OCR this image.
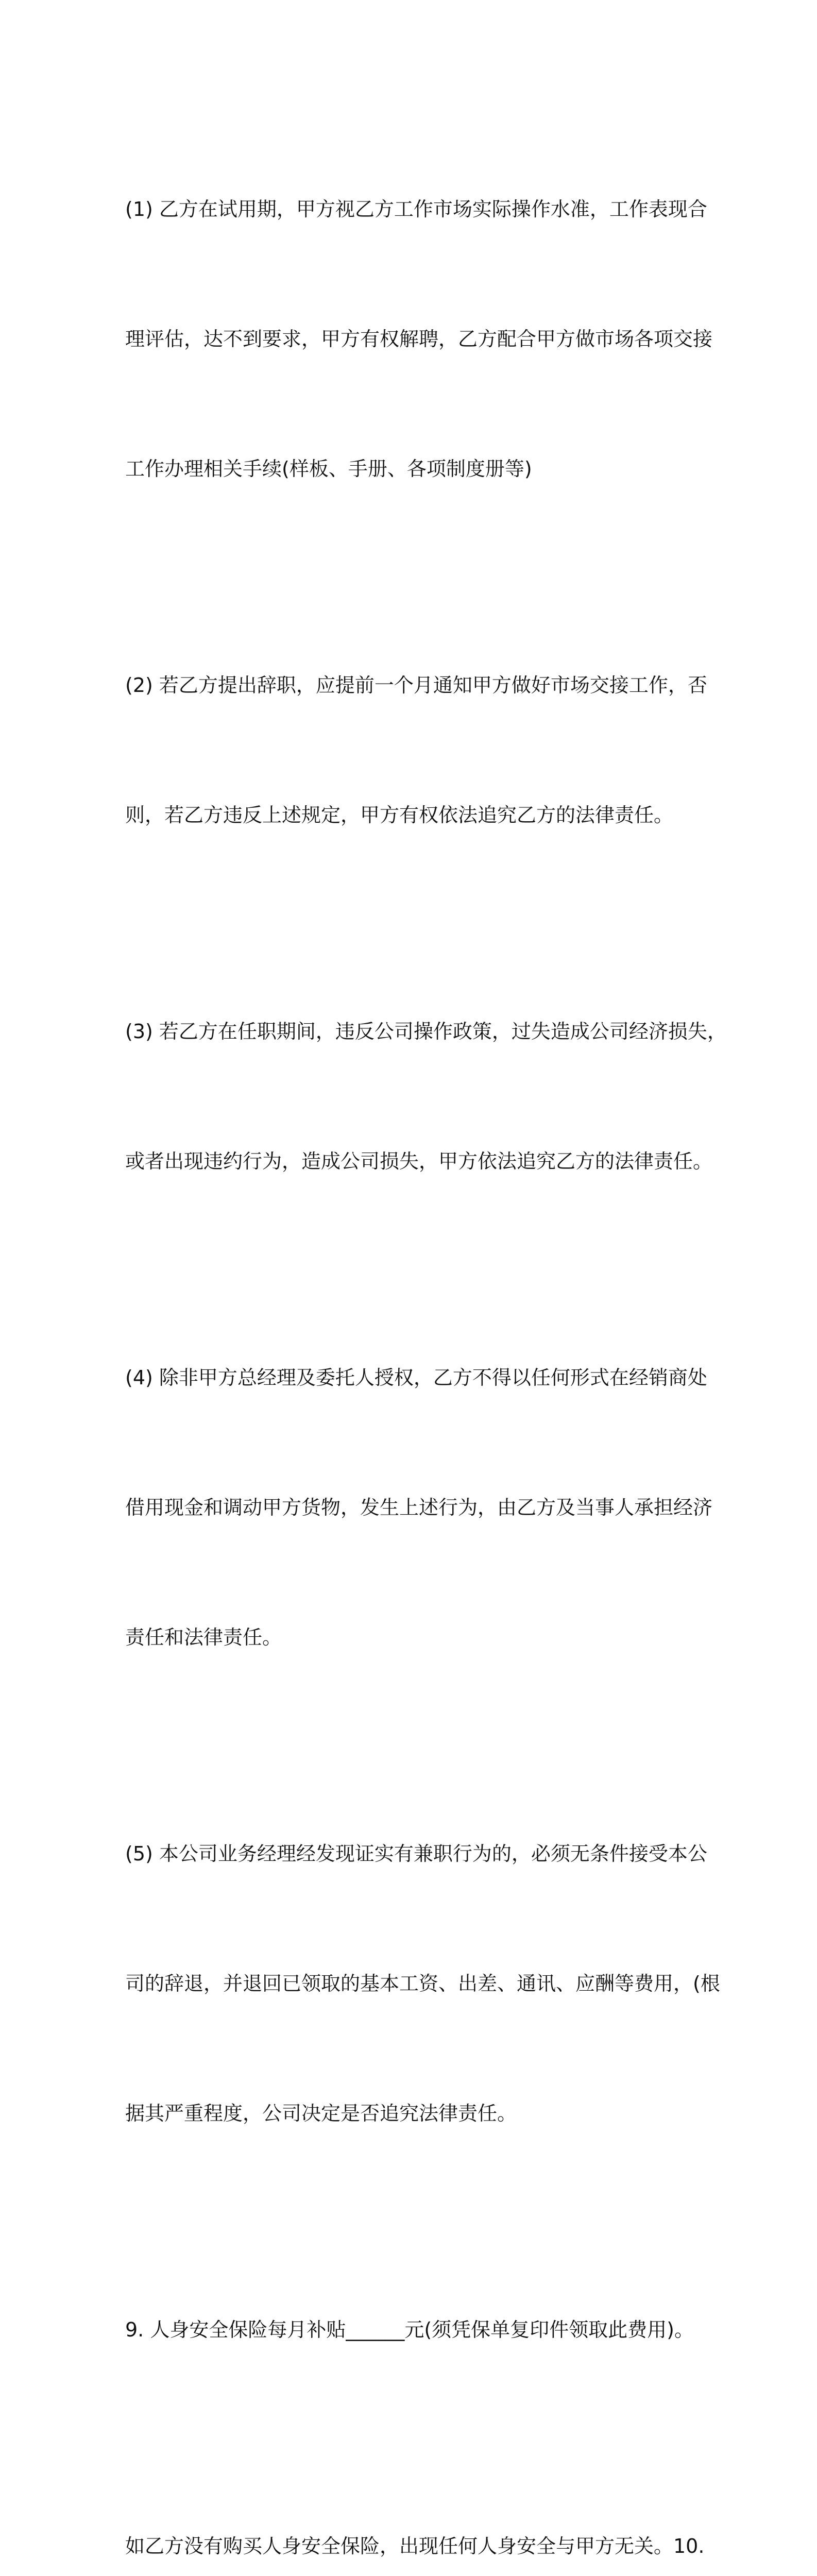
(1) 乙方在试用期，甲方视乙方工作市场实际操作水准，工作表现合

理评估，达不到要求，甲方有权解聘，乙方配合甲方做市场各项交接

工作办理相关手续(样板、手册、各项制度册等)

(2) 若乙方提出辞职，应提前一个月通知甲方做好市场交接工作，否

则，若乙方违反上述规定，甲方有权依法追究乙方的法律责任。

(3) 若乙方在任职期间，违反公司操作政策，过失造成公司经济损失，

或者出现违约行为，造成公司损失，甲方依法追究乙方的法律责任。

(4) 除非甲方总经理及委托人授权，乙方不得以任何形式在经销商处

借用现金和调动甲方货物，发生上述行为，由乙方及当事人承担经济

责任和法律责任。

(5) 本公司业务经理经发现证实有兼职行为的，必须无条件接受本公

司的辞退，并退回已领取的基本工资、出差、通讯、应酬等费用，(根

据其严重程度，公司决定是否追究法律责任。

9. 人身安全保险每月补贴______元(须凭保单复印件领取此费用)。

如乙方没有购买人身安全保险，出现任何人身安全与甲方无关。10.
